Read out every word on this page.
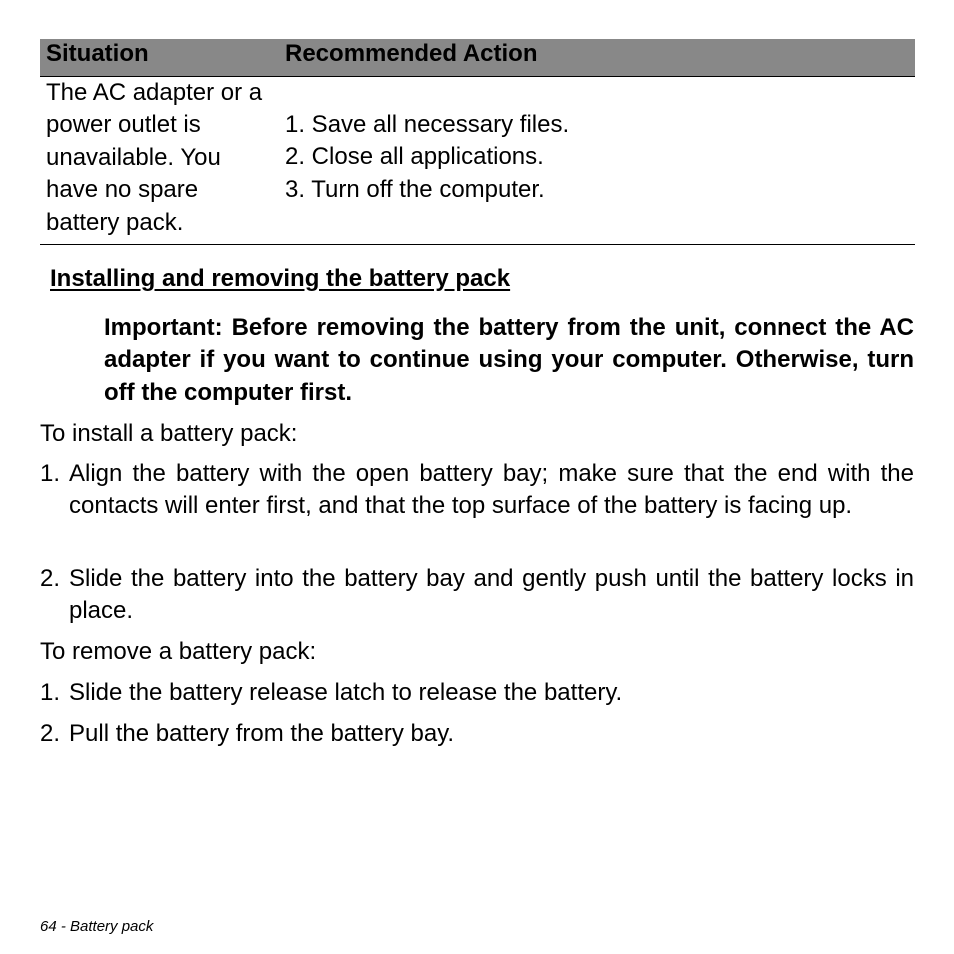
Situation	Recommended Action
The AC adapter or a power outlet is unavailable. You have no spare battery pack.
1. Save all necessary files.
2. Close all applications.
3. Turn off the computer.
Installing and removing the battery pack
Important: Before removing the battery from the unit, connect the AC adapter if you want to continue using your computer. Otherwise, turn off the computer first.
To install a battery pack:
1. Align the battery with the open battery bay; make sure that the end with the contacts will enter first, and that the top surface of the battery is facing up.
2. Slide the battery into the battery bay and gently push until the battery locks in place.
To remove a battery pack:
1. Slide the battery release latch to release the battery.
2. Pull the battery from the battery bay.
64 - Battery pack
